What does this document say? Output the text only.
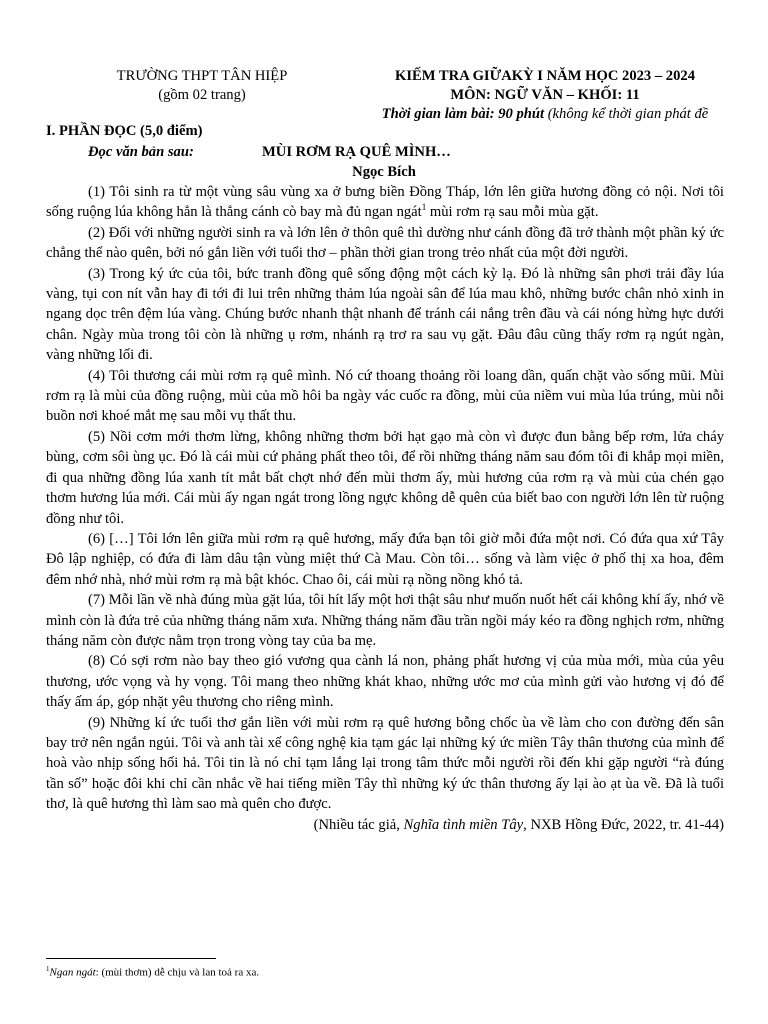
TRƯỜNG THPT TÂN HIỆP
(gồm 02 trang)
KIẾM TRA GIỮAKỲ I NĂM HỌC 2023 – 2024
MÔN: NGỮ VĂN – KHỐI: 11
Thời gian làm bài: 90 phút (không kể thời gian phát đề
I. PHẦN ĐỌC (5,0 điểm)
Đọc văn bản sau:	MÙI RƠM RẠ QUÊ MÌNH…
Ngọc Bích

(1) Tôi sinh ra từ một vùng sâu vùng xa ở bưng biền Đồng Tháp, lớn lên giữa hương đồng cỏ nội. Nơi tôi sống ruộng lúa không hẳn là thẳng cánh cò bay mà đủ ngan ngát$^1$ mùi rơm rạ sau mỗi mùa gặt.

(2) Đối với những người sinh ra và lớn lên ở thôn quê thì dường như cánh đồng đã trở thành một phần ký ức chẳng thể nào quên, bởi nó gắn liền với tuổi thơ – phần thời gian trong trẻo nhất của một đời người.

(3) Trong ký ức của tôi, bức tranh đồng quê sống động một cách kỳ lạ. Đó là những sân phơi trải đầy lúa vàng, tụi con nít vẫn hay đi tới đi lui trên những thảm lúa ngoài sân để lúa mau khô, những bước chân nhỏ xinh in ngang dọc trên đệm lúa vàng. Chúng bước nhanh thật nhanh để tránh cái nắng trên đầu và cái nóng hừng hực dưới chân. Ngày mùa trong tôi còn là những ụ rơm, nhánh rạ trơ ra sau vụ gặt. Đâu đâu cũng thấy rơm rạ ngút ngàn, vàng những lối đi.

(4) Tôi thương cái mùi rơm rạ quê mình. Nó cứ thoang thoảng rồi loang dần, quấn chặt vào sống mũi. Mùi rơm rạ là mùi của đồng ruộng, mùi của mồ hôi ba ngày vác cuốc ra đồng, mùi của niềm vui mùa lúa trúng, mùi nỗi buồn nơi khoé mắt mẹ sau mỗi vụ thất thu.

(5) Nồi cơm mới thơm lừng, không những thơm bởi hạt gạo mà còn vì được đun bằng bếp rơm, lửa cháy bùng, cơm sôi ùng ục. Đó là cái mùi cứ phảng phất theo tôi, để rồi những tháng năm sau đóm tôi đi khắp mọi miền, đi qua những đồng lúa xanh tít mắt bất chợt nhớ đến mùi thơm ấy, mùi hương của rơm rạ và mùi của chén gạo thơm hương lúa mới. Cái mùi ấy ngan ngát trong lồng ngực không dễ quên của biết bao con người lớn lên từ ruộng đồng như tôi.

(6) […] Tôi lớn lên giữa mùi rơm rạ quê hương, mấy đứa bạn tôi giờ mỗi đứa một nơi. Có đứa qua xứ Tây Đô lập nghiệp, có đứa đi làm dâu tận vùng miệt thứ Cà Mau. Còn tôi… sống và làm việc ở phố thị xa hoa, đêm đêm nhớ nhà, nhớ mùi rơm rạ mà bật khóc. Chao ôi, cái mùi rạ nồng nồng khó tả.

(7) Mỗi lần về nhà đúng mùa gặt lúa, tôi hít lấy một hơi thật sâu như muốn nuốt hết cái không khí ấy, nhớ về mình còn là đứa trẻ của những tháng năm xưa. Những tháng năm đầu trần ngồi máy kéo ra đồng nghịch rơm, những tháng năm còn được nằm trọn trong vòng tay của ba mẹ.

(8) Có sợi rơm nào bay theo gió vương qua cành lá non, phảng phất hương vị của mùa mới, mùa của yêu thương, ước vọng và hy vọng. Tôi mang theo những khát khao, những ước mơ của mình gửi vào hương vị đó để thấy ấm áp, góp nhặt yêu thương cho riêng mình.

(9) Những kí ức tuổi thơ gắn liền với mùi rơm rạ quê hương bỗng chốc ùa về làm cho con đường đến sân bay trở nên ngắn ngủi. Tôi và anh tài xế công nghệ kia tạm gác lại những ký ức miền Tây thân thương của mình để hoà vào nhịp sống hối hả. Tôi tin là nó chỉ tạm lắng lại trong tâm thức mỗi người rồi đến khi gặp người “rà đúng tần số” hoặc đôi khi chỉ cần nhắc về hai tiếng miền Tây thì những ký ức thân thương ấy lại ào ạt ùa về. Đã là tuổi thơ, là quê hương thì làm sao mà quên cho được.

(Nhiều tác giả, Nghĩa tình miền Tây, NXB Hồng Đức, 2022, tr. 41-44)
$^1$Ngan ngát: (mùi thơm) dễ chịu và lan toả ra xa.
